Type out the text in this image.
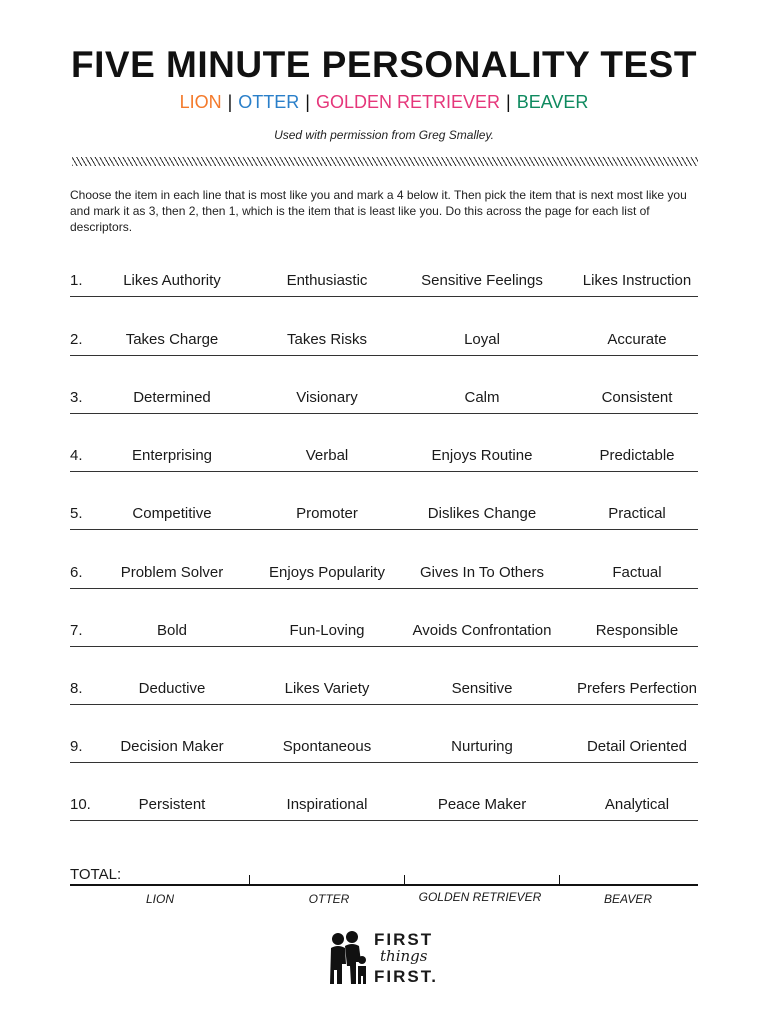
FIVE MINUTE PERSONALITY TEST
LION | OTTER | GOLDEN RETRIEVER | BEAVER
Used with permission from Greg Smalley.
Choose the item in each line that is most like you and mark a 4 below it. Then pick the item that is next most like you and mark it as 3, then 2, then 1, which is the item that is least like you. Do this across the page for each list of descriptors.
1.	Likes Authority	Enthusiastic	Sensitive Feelings	Likes Instruction
2.	Takes Charge	Takes Risks	Loyal	Accurate
3.	Determined	Visionary	Calm	Consistent
4.	Enterprising	Verbal	Enjoys Routine	Predictable
5.	Competitive	Promoter	Dislikes Change	Practical
6.	Problem Solver	Enjoys Popularity	Gives In To Others	Factual
7.	Bold	Fun-Loving	Avoids Confrontation	Responsible
8.	Deductive	Likes Variety	Sensitive	Prefers Perfection
9.	Decision Maker	Spontaneous	Nurturing	Detail Oriented
10.	Persistent	Inspirational	Peace Maker	Analytical
TOTAL:
LION	OTTER	GOLDEN RETRIEVER	BEAVER
FIRST
things
FIRST.
